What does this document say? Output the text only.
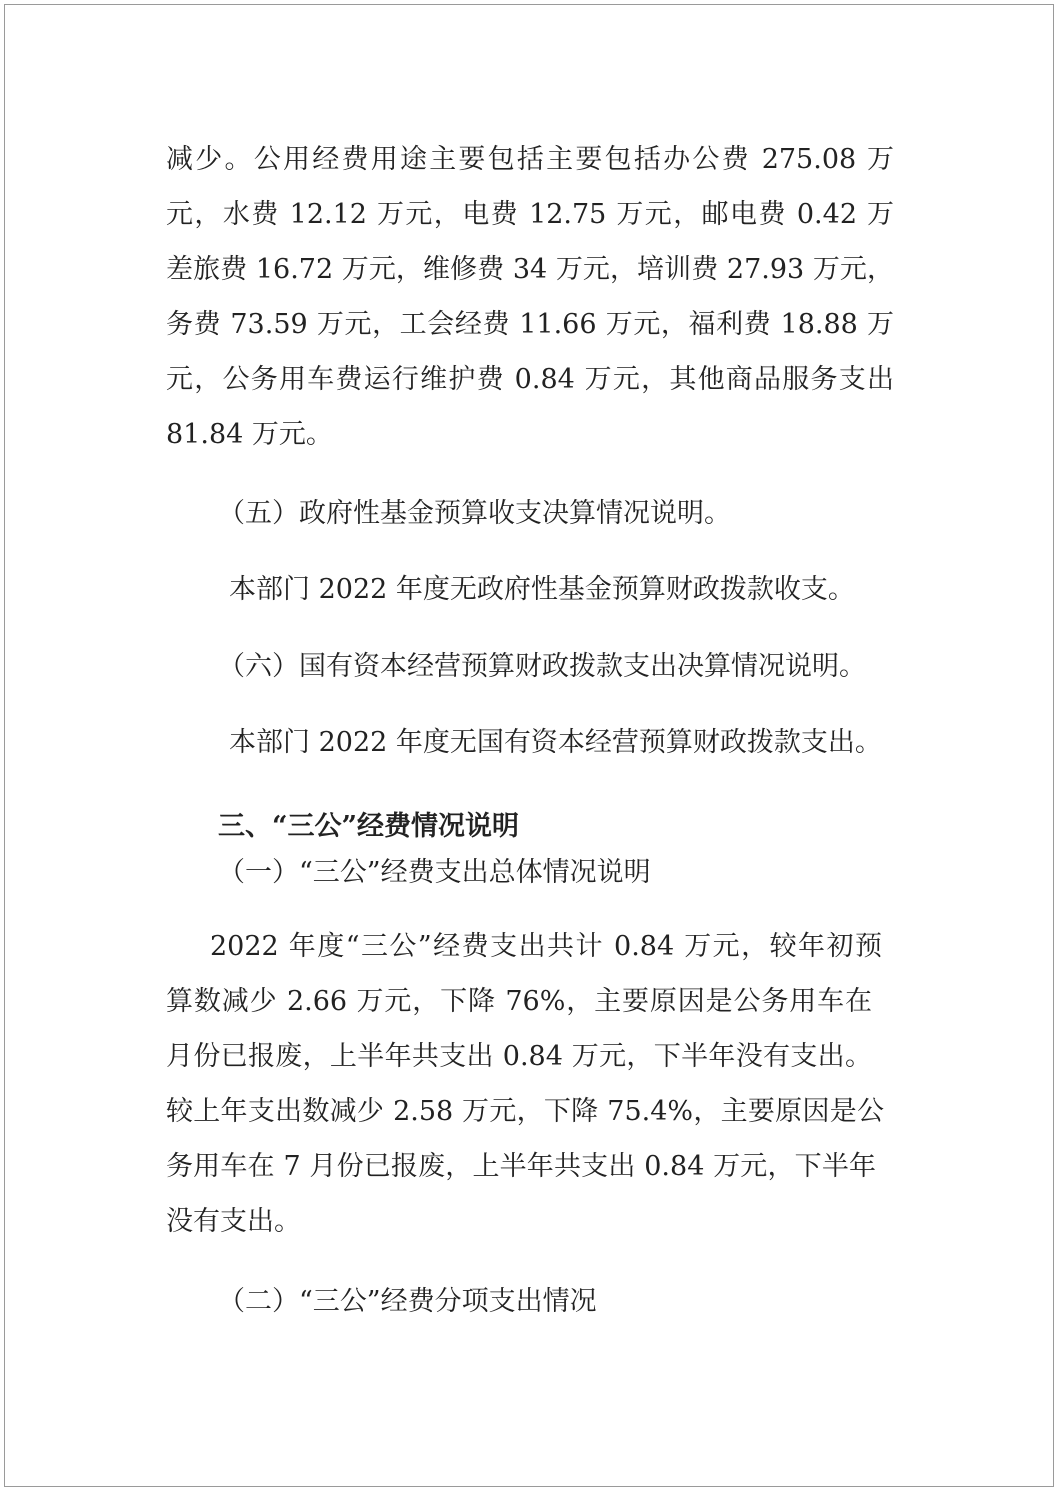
减少。公用经费用途主要包括主要包括办公费 275.08 万
元，水费 12.12 万元，电费 12.75 万元，邮电费 0.42 万
差旅费 16.72 万元，维修费 34 万元，培训费 27.93 万元，
务费 73.59 万元，工会经费 11.66 万元，福利费 18.88 万
元，公务用车费运行维护费 0.84 万元，其他商品服务支出

81.84 万元。

（五）政府性基金预算收支决算情况说明。

本部门 2022 年度无政府性基金预算财政拨款收支。

（六）国有资本经营预算财政拨款支出决算情况说明。

本部门 2022 年度无国有资本经营预算财政拨款支出。

三、“三公”经费情况说明

（一）“三公”经费支出总体情况说明

2022 年度“三公”经费支出共计 0.84 万元，较年初预
算数减少 2.66 万元，下降 76%，主要原因是公务用车在
月份已报废，上半年共支出 0.84 万元，下半年没有支出。
较上年支出数减少 2.58 万元，下降 75.4%，主要原因是公
务用车在 7 月份已报废，上半年共支出 0.84 万元，下半年

没有支出。

（二）“三公”经费分项支出情况
